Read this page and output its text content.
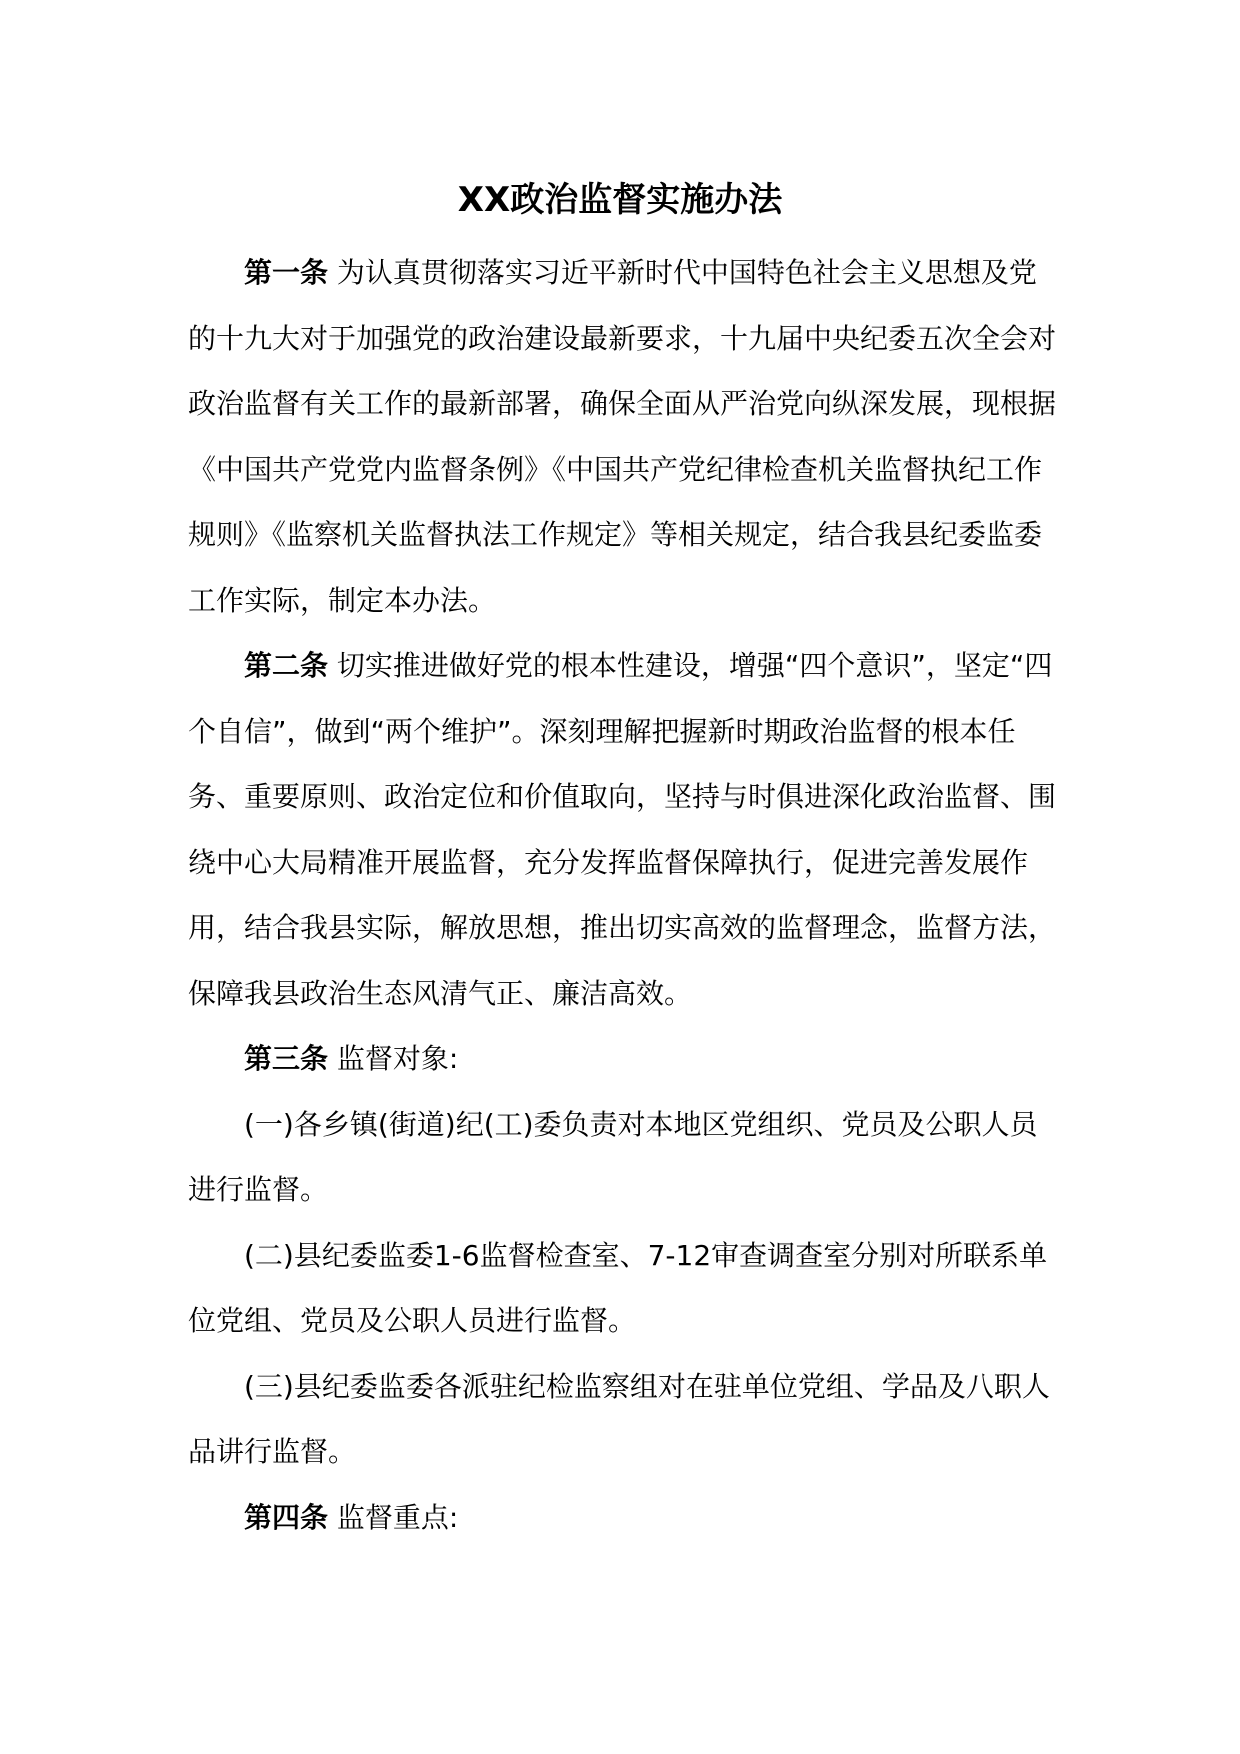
XX政治监督实施办法

第一条 为认真贯彻落实习近平新时代中国特色社会主义思想及党的十九大对于加强党的政治建设最新要求，十九届中央纪委五次全会对政治监督有关工作的最新部署，确保全面从严治党向纵深发展，现根据《中国共产党党内监督条例》《中国共产党纪律检查机关监督执纪工作规则》《监察机关监督执法工作规定》等相关规定，结合我县纪委监委工作实际，制定本办法。

第二条 切实推进做好党的根本性建设，增强“四个意识”，坚定“四个自信”，做到“两个维护”。深刻理解把握新时期政治监督的根本任务、重要原则、政治定位和价值取向，坚持与时俱进深化政治监督、围绕中心大局精准开展监督，充分发挥监督保障执行，促进完善发展作用，结合我县实际，解放思想，推出切实高效的监督理念，监督方法，保障我县政治生态风清气正、廉洁高效。

第三条 监督对象:

(一)各乡镇(街道)纪(工)委负责对本地区党组织、党员及公职人员进行监督。

(二)县纪委监委1-6监督检查室、7-12审查调查室分别对所联系单位党组、党员及公职人员进行监督。

(三)县纪委监委各派驻纪检监察组对在驻单位党组、学品及八职人品讲行监督。

第四条 监督重点:
